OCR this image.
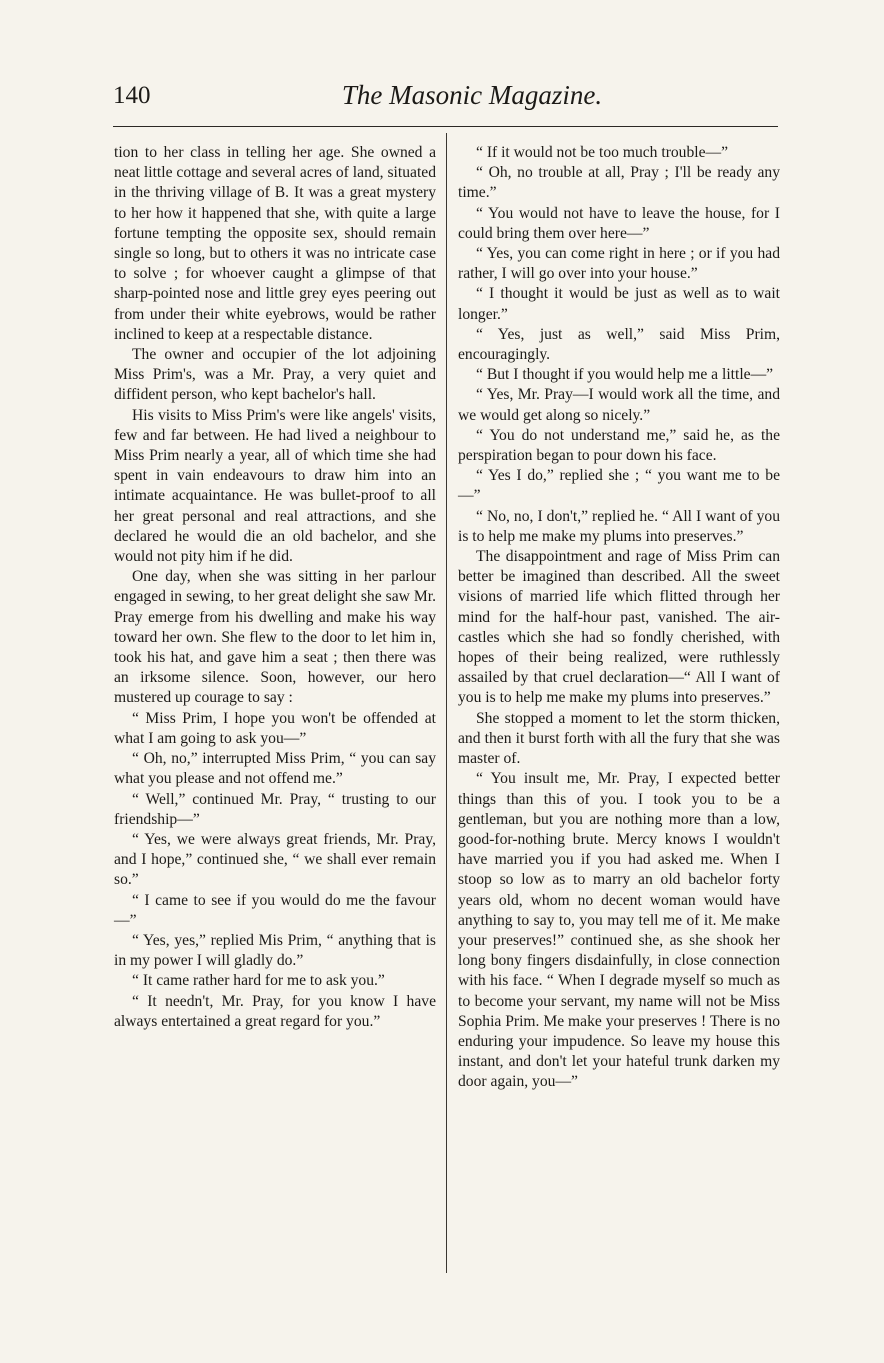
140	The Masonic Magazine.

tion to her class in telling her age. She owned a neat little cottage and several acres of land, situated in the thriving village of B. It was a great mystery to her how it happened that she, with quite a large fortune tempting the opposite sex, should remain single so long, but to others it was no intricate case to solve ; for whoever caught a glimpse of that sharp-pointed nose and little grey eyes peering out from under their white eyebrows, would be rather inclined to keep at a respectable distance.

The owner and occupier of the lot adjoining Miss Prim's, was a Mr. Pray, a very quiet and diffident person, who kept bachelor's hall.

His visits to Miss Prim's were like angels' visits, few and far between. He had lived a neighbour to Miss Prim nearly a year, all of which time she had spent in vain endeavours to draw him into an intimate acquaintance. He was bullet-proof to all her great personal and real attractions, and she declared he would die an old bachelor, and she would not pity him if he did.

One day, when she was sitting in her parlour engaged in sewing, to her great delight she saw Mr. Pray emerge from his dwelling and make his way toward her own. She flew to the door to let him in, took his hat, and gave him a seat ; then there was an irksome silence. Soon, however, our hero mustered up courage to say :

“ Miss Prim, I hope you won't be offended at what I am going to ask you—”

“ Oh, no,” interrupted Miss Prim, “ you can say what you please and not offend me.”

“ Well,” continued Mr. Pray, “ trusting to our friendship—”

“ Yes, we were always great friends, Mr. Pray, and I hope,” continued she, “ we shall ever remain so.”

“ I came to see if you would do me the favour—”

“ Yes, yes,” replied Mis Prim, “ anything that is in my power I will gladly do.”

“ It came rather hard for me to ask you.”

“ It needn't, Mr. Pray, for you know I have always entertained a great regard for you.”

“ If it would not be too much trouble—”

“ Oh, no trouble at all, Pray ; I'll be ready any time.”

“ You would not have to leave the house, for I could bring them over here—”

“ Yes, you can come right in here ; or if you had rather, I will go over into your house.”

“ I thought it would be just as well as to wait longer.”

“ Yes, just as well,” said Miss Prim, encouragingly.

“ But I thought if you would help me a little—”

“ Yes, Mr. Pray—I would work all the time, and we would get along so nicely.”

“ You do not understand me,” said he, as the perspiration began to pour down his face.

“ Yes I do,” replied she ; “ you want me to be—”

“ No, no, I don't,” replied he. “ All I want of you is to help me make my plums into preserves.”

The disappointment and rage of Miss Prim can better be imagined than described. All the sweet visions of married life which flitted through her mind for the half-hour past, vanished. The air-castles which she had so fondly cherished, with hopes of their being realized, were ruthlessly assailed by that cruel declaration—“ All I want of you is to help me make my plums into preserves.”

She stopped a moment to let the storm thicken, and then it burst forth with all the fury that she was master of.

“ You insult me, Mr. Pray, I expected better things than this of you. I took you to be a gentleman, but you are nothing more than a low, good-for-nothing brute. Mercy knows I wouldn't have married you if you had asked me. When I stoop so low as to marry an old bachelor forty years old, whom no decent woman would have anything to say to, you may tell me of it. Me make your preserves!” continued she, as she shook her long bony fingers disdainfully, in close connection with his face. “ When I degrade myself so much as to become your servant, my name will not be Miss Sophia Prim. Me make your preserves ! There is no enduring your impudence. So leave my house this instant, and don't let your hateful trunk darken my door again, you—”
